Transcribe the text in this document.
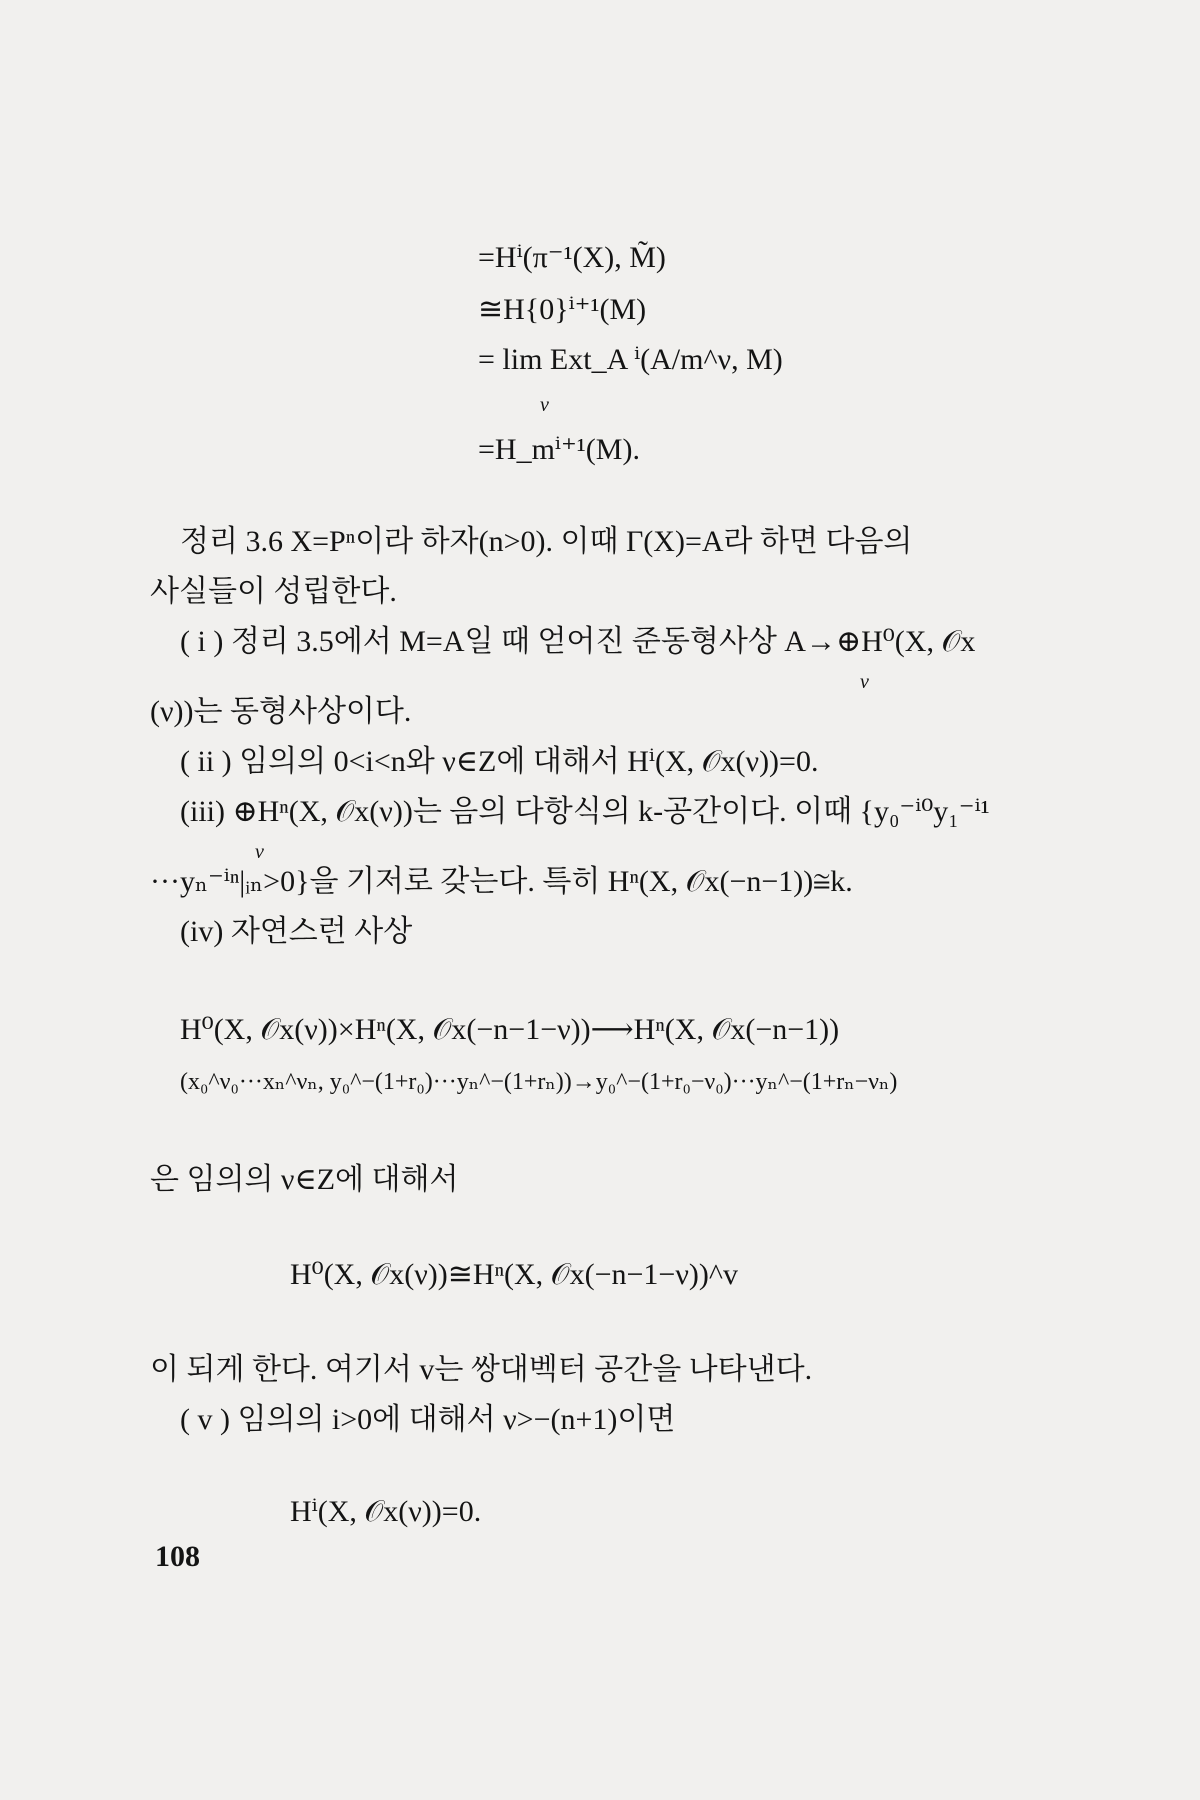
=Hⁱ(π⁻¹(X), M̃)
≅H{0}ⁱ⁺¹(M)
= lim Ext_A ⁱ(A/m^ν, M)
ν
=H_mⁱ⁺¹(M).
정리 3.6 X=Pⁿ이라 하자(n>0). 이때 Γ(X)=A라 하면 다음의
사실들이 성립한다.
( i ) 정리 3.5에서 M=A일 때 얻어진 준동형사상 A→⊕H⁰(X, 𝒪x
ν
(ν))는 동형사상이다.
( ii ) 임의의 0<i<n와 ν∈Z에 대해서 Hⁱ(X, 𝒪x(ν))=0.
(iii) ⊕Hⁿ(X, 𝒪x(ν))는 음의 다항식의 k-공간이다. 이때 {y₀⁻ⁱ⁰y₁⁻ⁱ¹
ν
···yₙ⁻ⁱⁿ|ᵢₙ>0}을 기저로 갖는다. 특히 Hⁿ(X, 𝒪x(−n−1))≅k.
(iv) 자연스런 사상
H⁰(X, 𝒪x(ν))×Hⁿ(X, 𝒪x(−n−1−ν))⟶Hⁿ(X, 𝒪x(−n−1))
(x₀^ν₀···xₙ^νₙ, y₀^−(1+r₀)···yₙ^−(1+rₙ))→y₀^−(1+r₀−ν₀)···yₙ^−(1+rₙ−νₙ)
은 임의의 ν∈Z에 대해서
H⁰(X, 𝒪x(ν))≅Hⁿ(X, 𝒪x(−n−1−ν))^v
이 되게 한다. 여기서 v는 쌍대벡터 공간을 나타낸다.
( v ) 임의의 i>0에 대해서 ν>−(n+1)이면
Hⁱ(X, 𝒪x(ν))=0.
108
